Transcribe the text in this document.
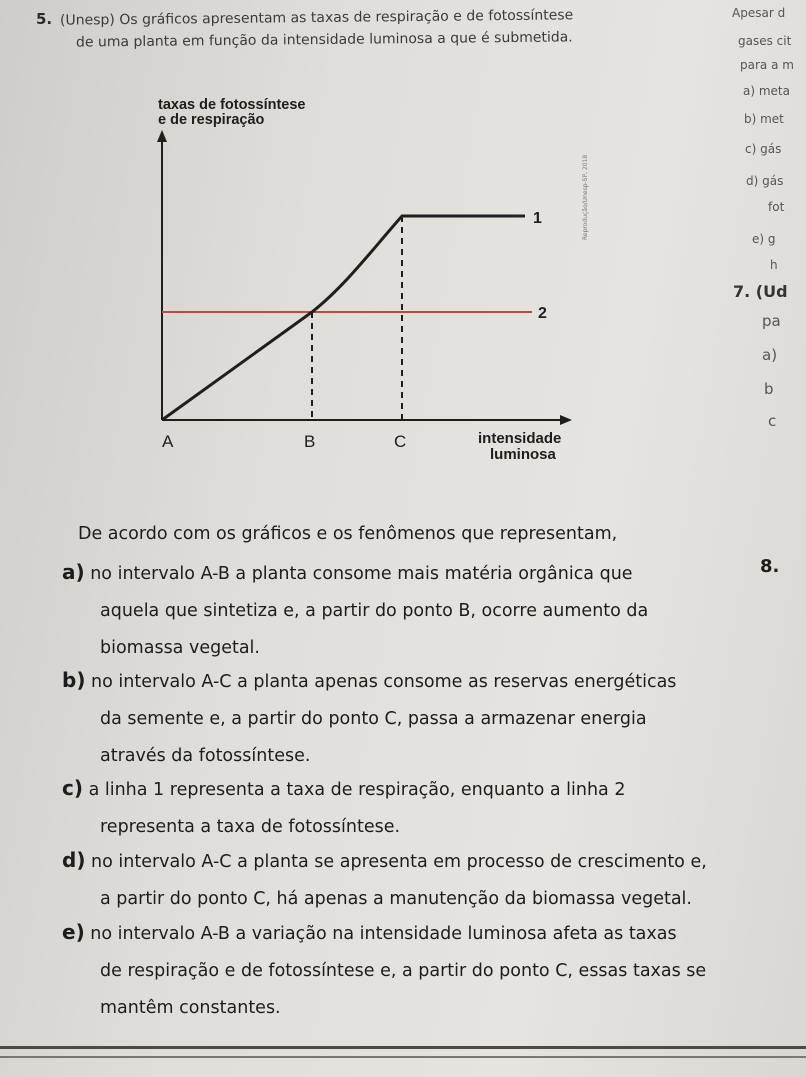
5. (Unesp) Os gráficos apresentam as taxas de respiração e de fotossíntese
de uma planta em função da intensidade luminosa a que é submetida.
taxas de fotossíntese
e de respiração
2
1
A	B	C	intensidade
luminosa
Reprodução/Unesp-SP, 2018
De acordo com os gráficos e os fenômenos que representam,
a) no intervalo A-B a planta consome mais matéria orgânica que
aquela que sintetiza e, a partir do ponto B, ocorre aumento da
biomassa vegetal.
b) no intervalo A-C a planta apenas consome as reservas energéticas
da semente e, a partir do ponto C, passa a armazenar energia
através da fotossíntese.
c) a linha 1 representa a taxa de respiração, enquanto a linha 2
representa a taxa de fotossíntese.
d) no intervalo A-C a planta se apresenta em processo de crescimento e,
a partir do ponto C, há apenas a manutenção da biomassa vegetal.
e) no intervalo A-B a variação na intensidade luminosa afeta as taxas
de respiração e de fotossíntese e, a partir do ponto C, essas taxas se
mantêm constantes.
Apesar d
gases cit
para a m
a) meta
b) met
c) gás
d) gás
fot
e) g
h
pa
a)
b
c
7. (Ud
8.
